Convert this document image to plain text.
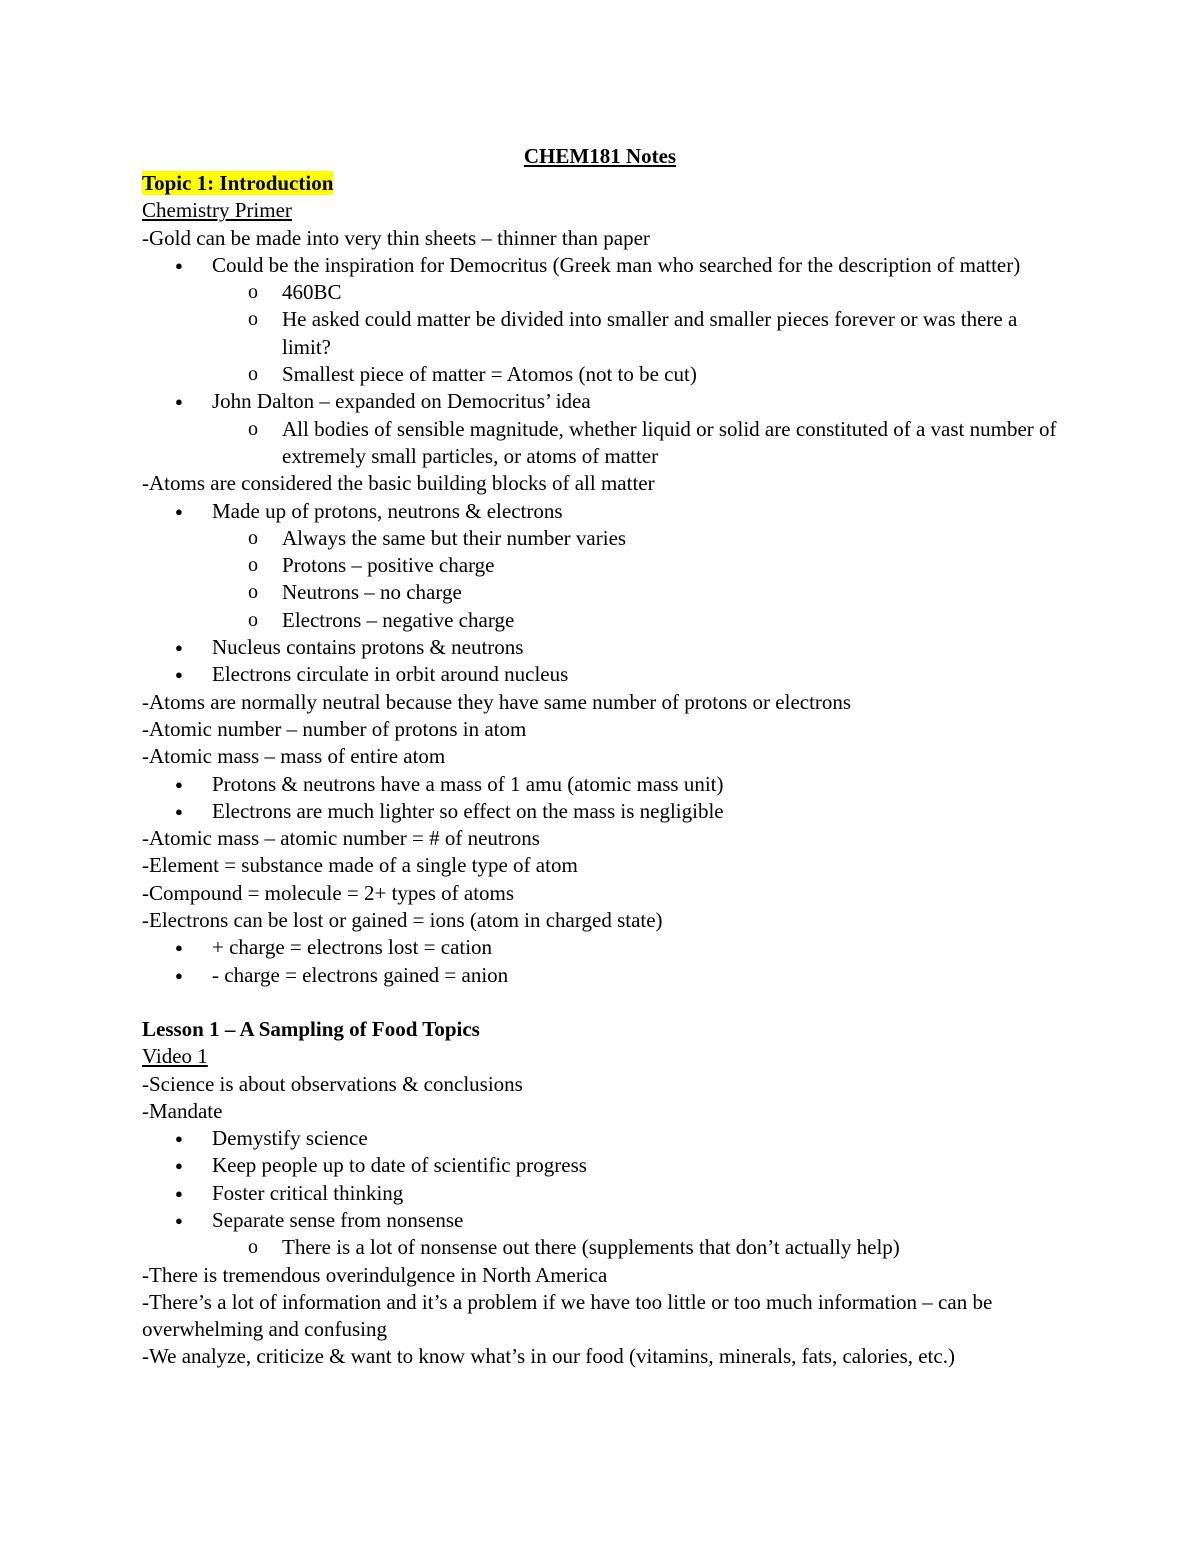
CHEM181 Notes

Topic 1: Introduction

Chemistry Primer

-Gold can be made into very thin sheets – thinner than paper

● Could be the inspiration for Democritus (Greek man who searched for the description of matter)
o 460BC
o He asked could matter be divided into smaller and smaller pieces forever or was there a limit?
o Smallest piece of matter = Atomos (not to be cut)
● John Dalton – expanded on Democritus’ idea
o All bodies of sensible magnitude, whether liquid or solid are constituted of a vast number of extremely small particles, or atoms of matter

-Atoms are considered the basic building blocks of all matter

● Made up of protons, neutrons & electrons
o Always the same but their number varies
o Protons – positive charge
o Neutrons – no charge
o Electrons – negative charge
● Nucleus contains protons & neutrons
● Electrons circulate in orbit around nucleus

-Atoms are normally neutral because they have same number of protons or electrons

-Atomic number – number of protons in atom

-Atomic mass – mass of entire atom

● Protons & neutrons have a mass of 1 amu (atomic mass unit)
● Electrons are much lighter so effect on the mass is negligible

-Atomic mass – atomic number = # of neutrons

-Element = substance made of a single type of atom

-Compound = molecule = 2+ types of atoms

-Electrons can be lost or gained = ions (atom in charged state)

● + charge = electrons lost = cation
● - charge = electrons gained = anion

Lesson 1 – A Sampling of Food Topics

Video 1

-Science is about observations & conclusions

-Mandate

● Demystify science
● Keep people up to date of scientific progress
● Foster critical thinking
● Separate sense from nonsense
o There is a lot of nonsense out there (supplements that don’t actually help)

-There is tremendous overindulgence in North America

-There’s a lot of information and it’s a problem if we have too little or too much information – can be overwhelming and confusing

-We analyze, criticize & want to know what’s in our food (vitamins, minerals, fats, calories, etc.)
